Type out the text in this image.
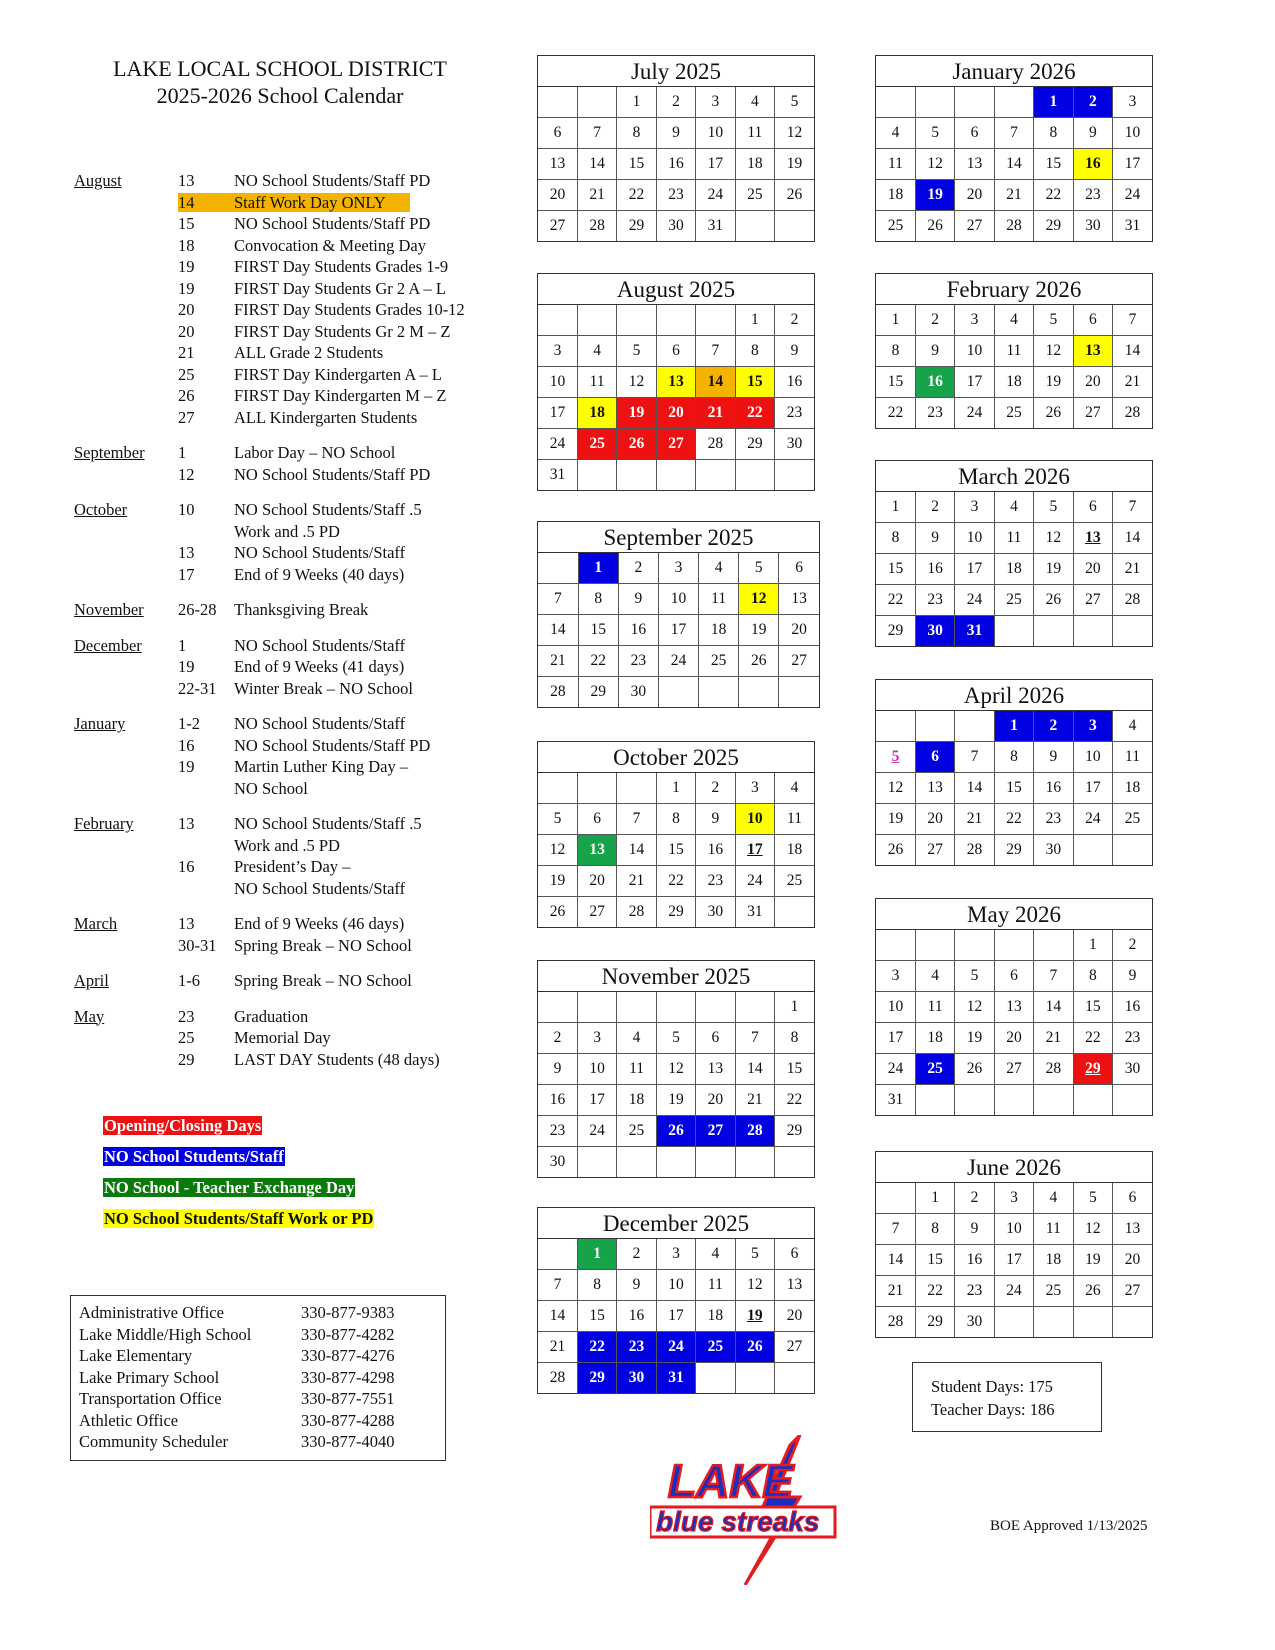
LAKE LOCAL SCHOOL DISTRICT
2025-2026 School Calendar
August	13 NO School Students/Staff PD
14 Staff Work Day ONLY
15 NO School Students/Staff PD
18 Convocation & Meeting Day
19 FIRST Day Students Grades 1-9
19 FIRST Day Students Gr 2 A – L
20 FIRST Day Students Grades 10-12
20 FIRST Day Students Gr 2 M – Z
21 ALL Grade 2 Students
25 FIRST Day Kindergarten A – L
26 FIRST Day Kindergarten M – Z
27 ALL Kindergarten Students
September 1	Labor Day – NO School
12 NO School Students/Staff PD
October	10 NO School Students/Staff .5
Work and .5 PD
13 NO School Students/Staff
17 End of 9 Weeks (40 days)
November 26-28 Thanksgiving Break
December 1	NO School Students/Staff
19 End of 9 Weeks (41 days)
22-31 Winter Break – NO School
January	1-2 NO School Students/Staff
16 NO School Students/Staff PD
19 Martin Luther King Day –
NO School
February	13 NO School Students/Staff .5
Work and .5 PD
16 President’s Day –
NO School Students/Staff
March	13 End of 9 Weeks (46 days)
30-31 Spring Break – NO School
April	1-6 Spring Break – NO School
May	23 Graduation
25 Memorial Day
29 LAST DAY Students (48 days)
Opening/Closing Days
NO School Students/Staff
NO School - Teacher Exchange Day
NO School Students/Staff Work or PD
Administrative Office	330-877-9383
Lake Middle/High School	330-877-4282
Lake Elementary	330-877-4276
Lake Primary School	330-877-4298
Transportation Office	330-877-7551
Athletic Office	330-877-4288
Community Scheduler	330-877-4040
Student Days: 175
Teacher Days: 186
LAKE
blue streaks	BOE Approved 1/13/2025
July 2025
		1	2	3	4	5
6	7	8	9	10	11	12
13	14	15	16	17	18	19
20	21	22	23	24	25	26
27	28	29	30	31		
August 2025
					1	2
3	4	5	6	7	8	9
10	11	12	13	14	15	16
17	18	19	20	21	22	23
24	25	26	27	28	29	30
31						
September 2025
	1	2	3	4	5	6
7	8	9	10	11	12	13
14	15	16	17	18	19	20
21	22	23	24	25	26	27
28	29	30				
October 2025
			1	2	3	4
5	6	7	8	9	10	11
12	13	14	15	16	17	18
19	20	21	22	23	24	25
26	27	28	29	30	31	
November 2025
						1
2	3	4	5	6	7	8
9	10	11	12	13	14	15
16	17	18	19	20	21	22
23	24	25	26	27	28	29
30						
December 2025
	1	2	3	4	5	6
7	8	9	10	11	12	13
14	15	16	17	18	19	20
21	22	23	24	25	26	27
28	29	30	31			
January 2026
				1	2	3
4	5	6	7	8	9	10
11	12	13	14	15	16	17
18	19	20	21	22	23	24
25	26	27	28	29	30	31
February 2026
1	2	3	4	5	6	7
8	9	10	11	12	13	14
15	16	17	18	19	20	21
22	23	24	25	26	27	28
March 2026
1	2	3	4	5	6	7
8	9	10	11	12	13	14
15	16	17	18	19	20	21
22	23	24	25	26	27	28
29	30	31				
April 2026
			1	2	3	4
5	6	7	8	9	10	11
12	13	14	15	16	17	18
19	20	21	22	23	24	25
26	27	28	29	30		
May 2026
					1	2
3	4	5	6	7	8	9
10	11	12	13	14	15	16
17	18	19	20	21	22	23
24	25	26	27	28	29	30
31						
June 2026
	1	2	3	4	5	6
7	8	9	10	11	12	13
14	15	16	17	18	19	20
21	22	23	24	25	26	27
28	29	30				
